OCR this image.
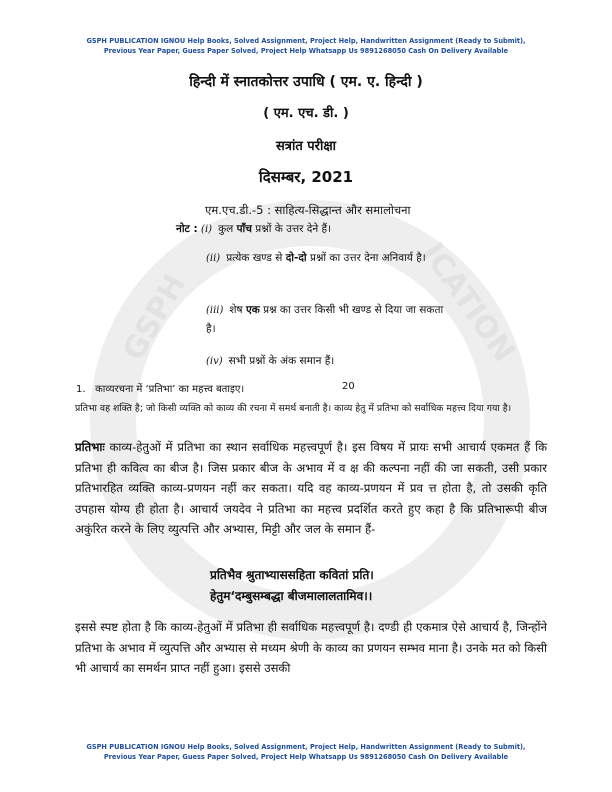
GSPH	ICATION
GSPH PUBLICATION IGNOU Help Books, Solved Assignment, Project Help, Handwritten Assignment (Ready to Submit),
Previous Year Paper, Guess Paper Solved, Project Help Whatsapp Us 9891268050 Cash On Delivery Available
हिन्दी में स्नातकोत्तर उपाधि ( एम. ए. हिन्दी )
( एम. एच. डी. )
सत्रांत परीक्षा
दिसम्बर, 2021
एम.एच.डी.-5 : साहित्य-सिद्धान्त और समालोचना
नोट : (i) कुल पाँच प्रश्नों के उत्तर देने हैं।
(ii) प्रत्येक खण्ड से दो-दो प्रश्नों का उत्तर देना अनिवार्य है।
(iii) शेष एक प्रश्न का उत्तर किसी भी खण्ड से दिया जा सकता है।
(iv) सभी प्रश्नों के अंक समान हैं।
1. काव्यरचना में ‘प्रतिभा’ का महत्त्व बताइए।	20
प्रतिभा वह शक्ति है; जो किसी व्यक्ति को काव्य की रचना में समर्थ बनाती है। काव्य हेतु में प्रतिभा को सर्वाधिक महत्त्व दिया गया है।
प्रतिभाः काव्य-हेतुओं में प्रतिभा का स्थान सर्वाधिक महत्त्वपूर्ण है। इस विषय में प्रायः सभी आचार्य एकमत हैं कि प्रतिभा ही कवित्व का बीज है। जिस प्रकार बीज के अभाव में व क्ष की कल्पना नहीं की जा सकती, उसी प्रकार प्रतिभारहित व्यक्ति काव्य-प्रणयन नहीं कर सकता। यदि वह काव्य-प्रणयन में प्रव त्त होता है, तो उसकी कृति उपहास योग्य ही होता है। आचार्य जयदेव ने प्रतिभा का महत्त्व प्रदर्शित करते हुए कहा है कि प्रतिभारूपी बीज अकुंरित करने के लिए व्युत्पत्ति और अभ्यास, मिट्टी और जल के समान हैं-
प्रतिभैव श्रुताभ्याससहिता कवितां प्रति।
हेतुम‘दम्बुसम्बद्धा बीजमालालतामिव।।
इससे स्पष्ट होता है कि काव्य-हेतुओं में प्रतिभा ही सर्वाधिक महत्त्वपूर्ण है। दण्डी ही एकमात्र ऐसे आचार्य है, जिन्होंने प्रतिभा के अभाव में व्युत्पत्ति और अभ्यास से मध्यम श्रेणी के काव्य का प्रणयन सम्भव माना है। उनके मत को किसी भी आचार्य का समर्थन प्राप्त नहीं हुआ। इससे उसकी
GSPH PUBLICATION IGNOU Help Books, Solved Assignment, Project Help, Handwritten Assignment (Ready to Submit),
Previous Year Paper, Guess Paper Solved, Project Help Whatsapp Us 9891268050 Cash On Delivery Available
